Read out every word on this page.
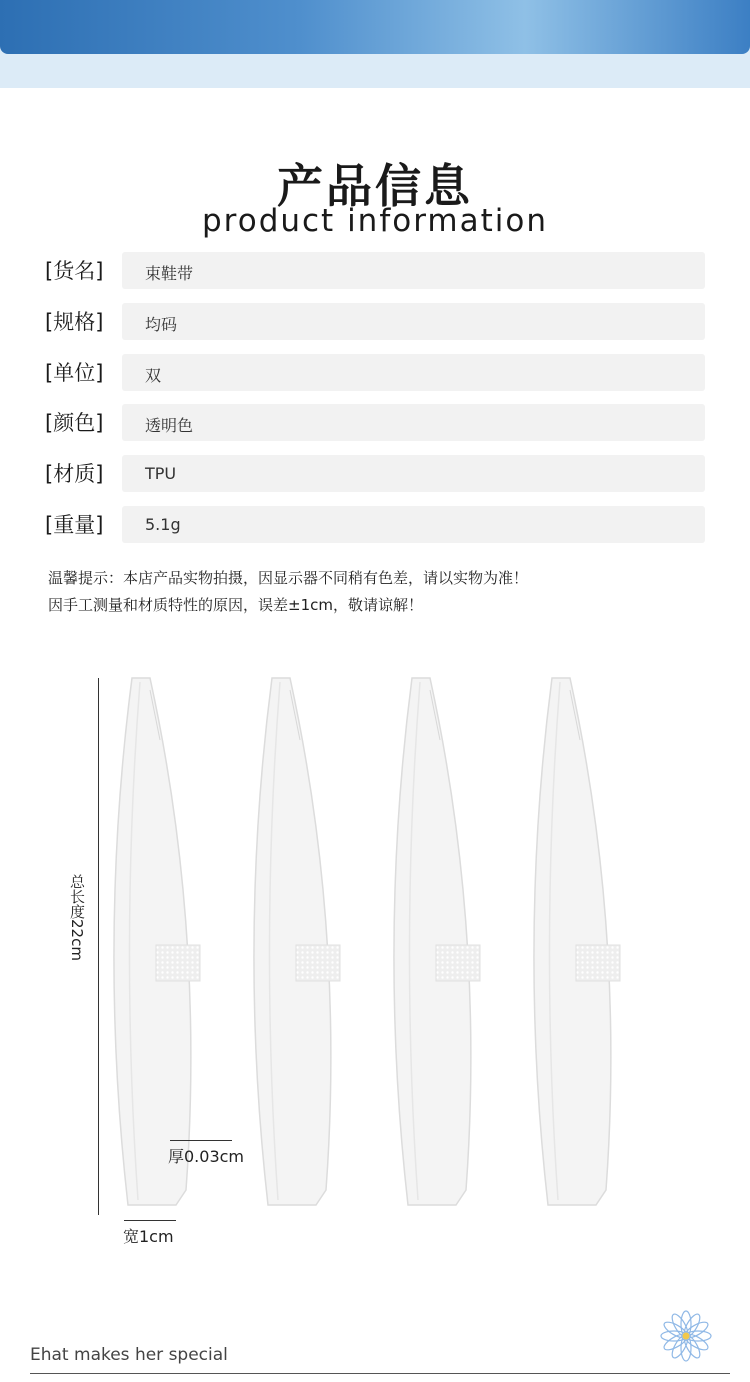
产品信息
product information
[货名]	束鞋带
[规格]	均码
[单位]	双
[颜色]	透明色
[材质]	TPU
[重量]	5.1g
温馨提示：本店产品实物拍摄，因显示器不同稍有色差，请以实物为准！
因手工测量和材质特性的原因，误差±1cm，敬请谅解！
总长度22cm
厚0.03cm
宽1cm
Ehat makes her special
